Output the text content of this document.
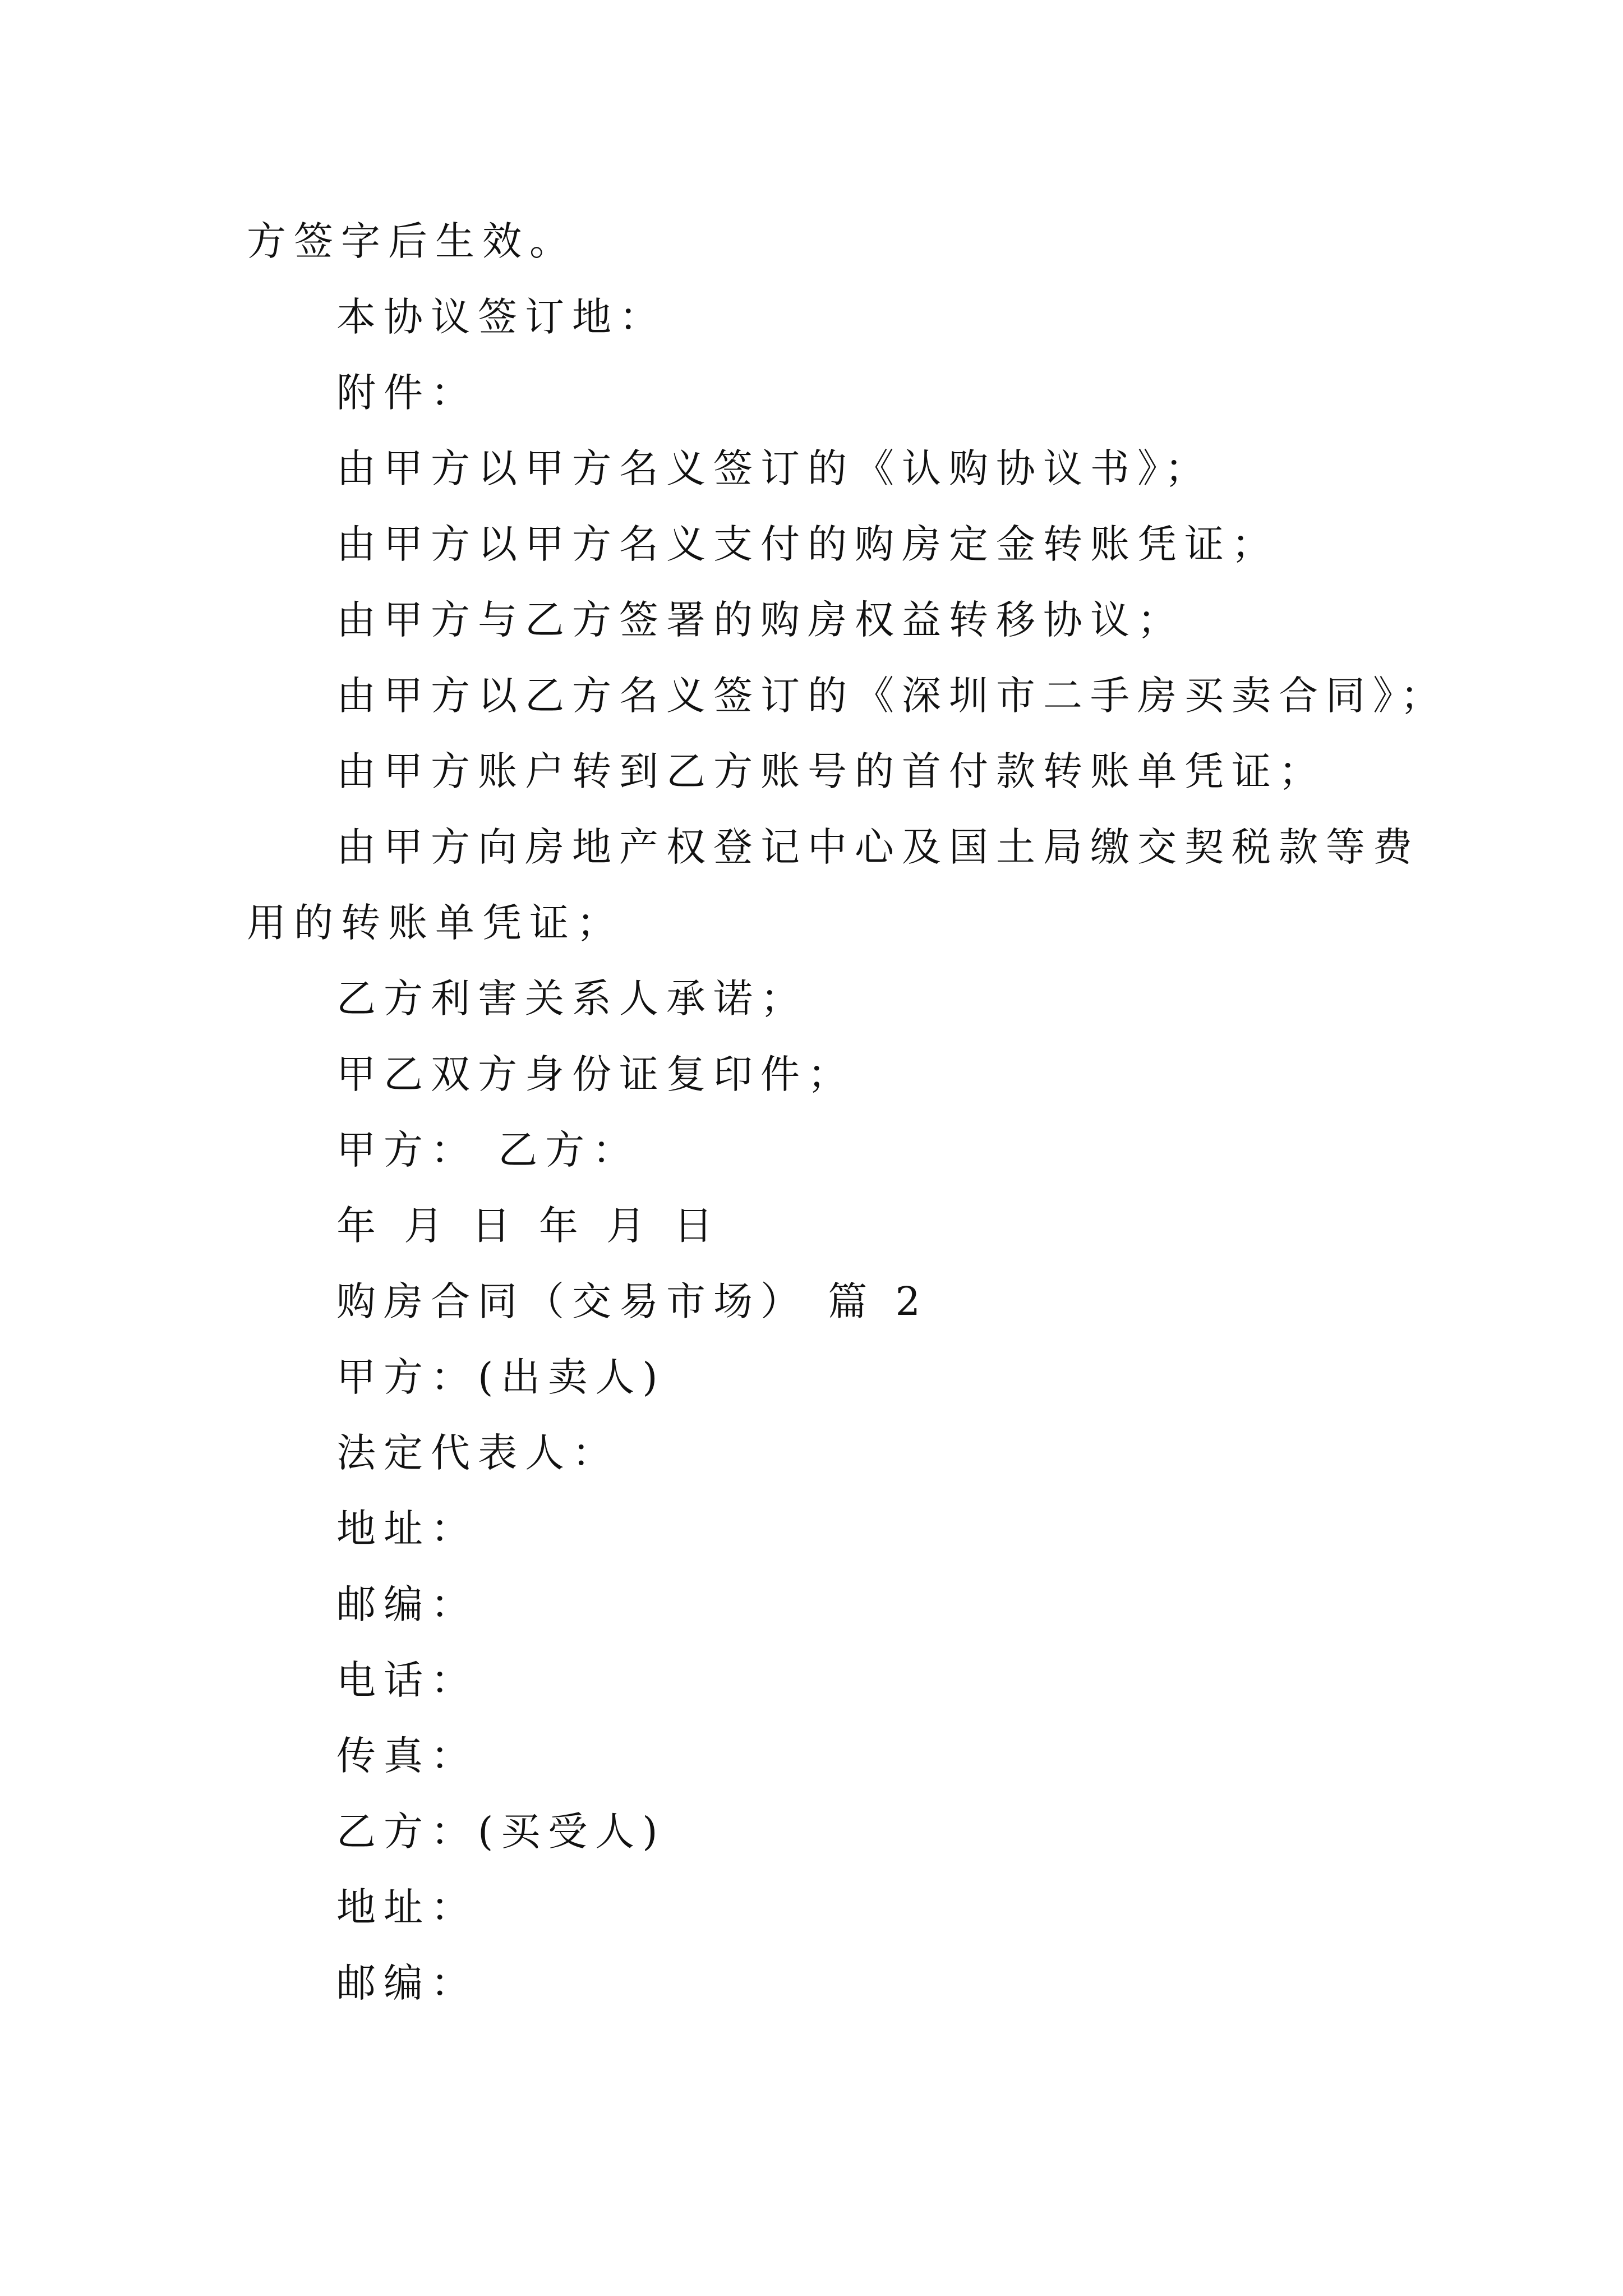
方签字后生效。
本协议签订地：
附件：
由甲方以甲方名义签订的《认购协议书》；
由甲方以甲方名义支付的购房定金转账凭证；
由甲方与乙方签署的购房权益转移协议；
由甲方以乙方名义签订的《深圳市二手房买卖合同》；
由甲方账户转到乙方账号的首付款转账单凭证；
由甲方向房地产权登记中心及国土局缴交契税款等费
用的转账单凭证；
乙方利害关系人承诺；
甲乙双方身份证复印件；
甲方： 乙方：
年 月 日 年 月 日
购房合同（交易市场） 篇 2
甲方：(出卖人)
法定代表人：
地址：
邮编：
电话：
传真：
乙方：(买受人)
地址：
邮编：
